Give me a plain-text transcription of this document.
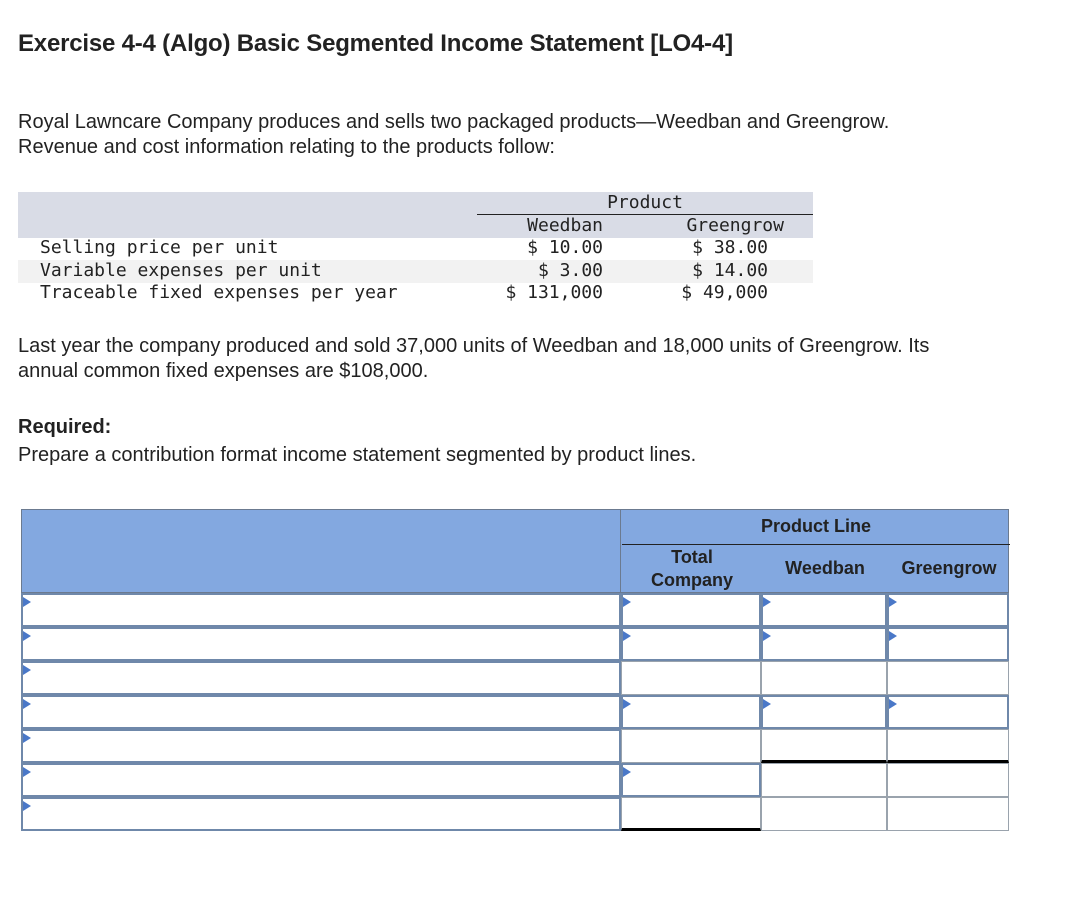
Exercise 4-4 (Algo) Basic Segmented Income Statement [LO4-4]

Royal Lawncare Company produces and sells two packaged products—Weedban and Greengrow. Revenue and cost information relating to the products follow:

Product
Weedban	Greengrow
Selling price per unit	$ 10.00	$ 38.00
Variable expenses per unit	$ 3.00	$ 14.00
Traceable fixed expenses per year	$ 131,000	$ 49,000

Last year the company produced and sold 37,000 units of Weedban and 18,000 units of Greengrow. Its annual common fixed expenses are $108,000.

Required:

Prepare a contribution format income statement segmented by product lines.

Product Line
Total
Company
Weedban	Greengrow
